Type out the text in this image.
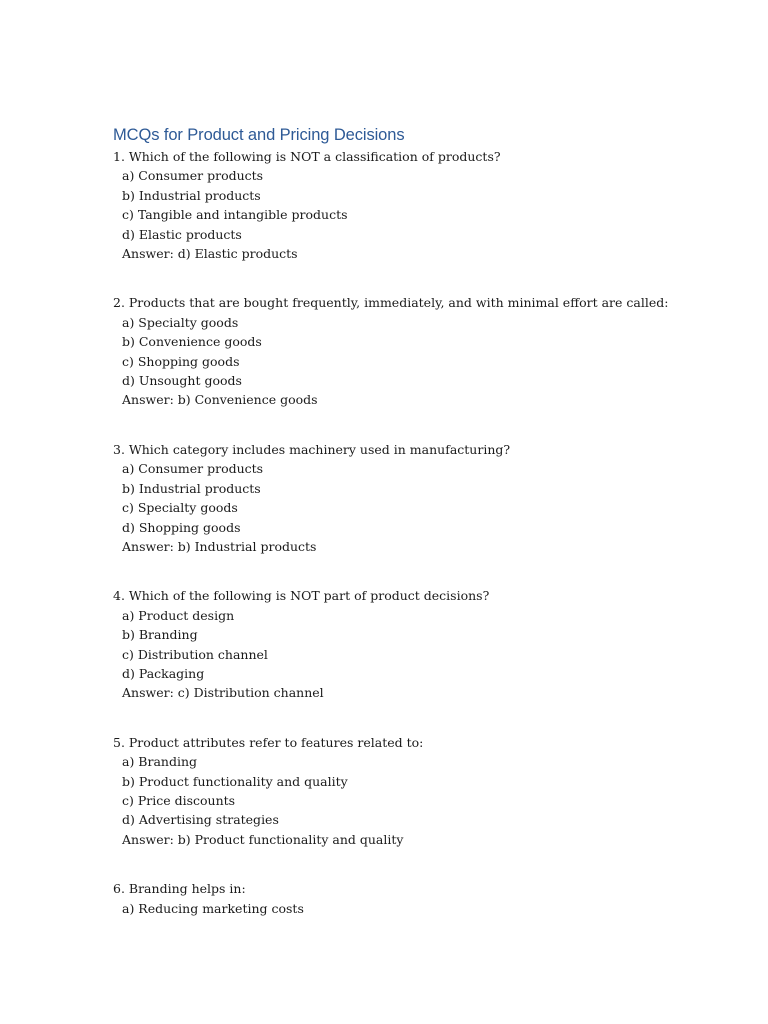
MCQs for Product and Pricing Decisions
1. Which of the following is NOT a classification of products?
a) Consumer products
b) Industrial products
c) Tangible and intangible products
d) Elastic products
Answer: d) Elastic products
2. Products that are bought frequently, immediately, and with minimal effort are called:
a) Specialty goods
b) Convenience goods
c) Shopping goods
d) Unsought goods
Answer: b) Convenience goods
3. Which category includes machinery used in manufacturing?
a) Consumer products
b) Industrial products
c) Specialty goods
d) Shopping goods
Answer: b) Industrial products
4. Which of the following is NOT part of product decisions?
a) Product design
b) Branding
c) Distribution channel
d) Packaging
Answer: c) Distribution channel
5. Product attributes refer to features related to:
a) Branding
b) Product functionality and quality
c) Price discounts
d) Advertising strategies
Answer: b) Product functionality and quality
6. Branding helps in:
a) Reducing marketing costs
